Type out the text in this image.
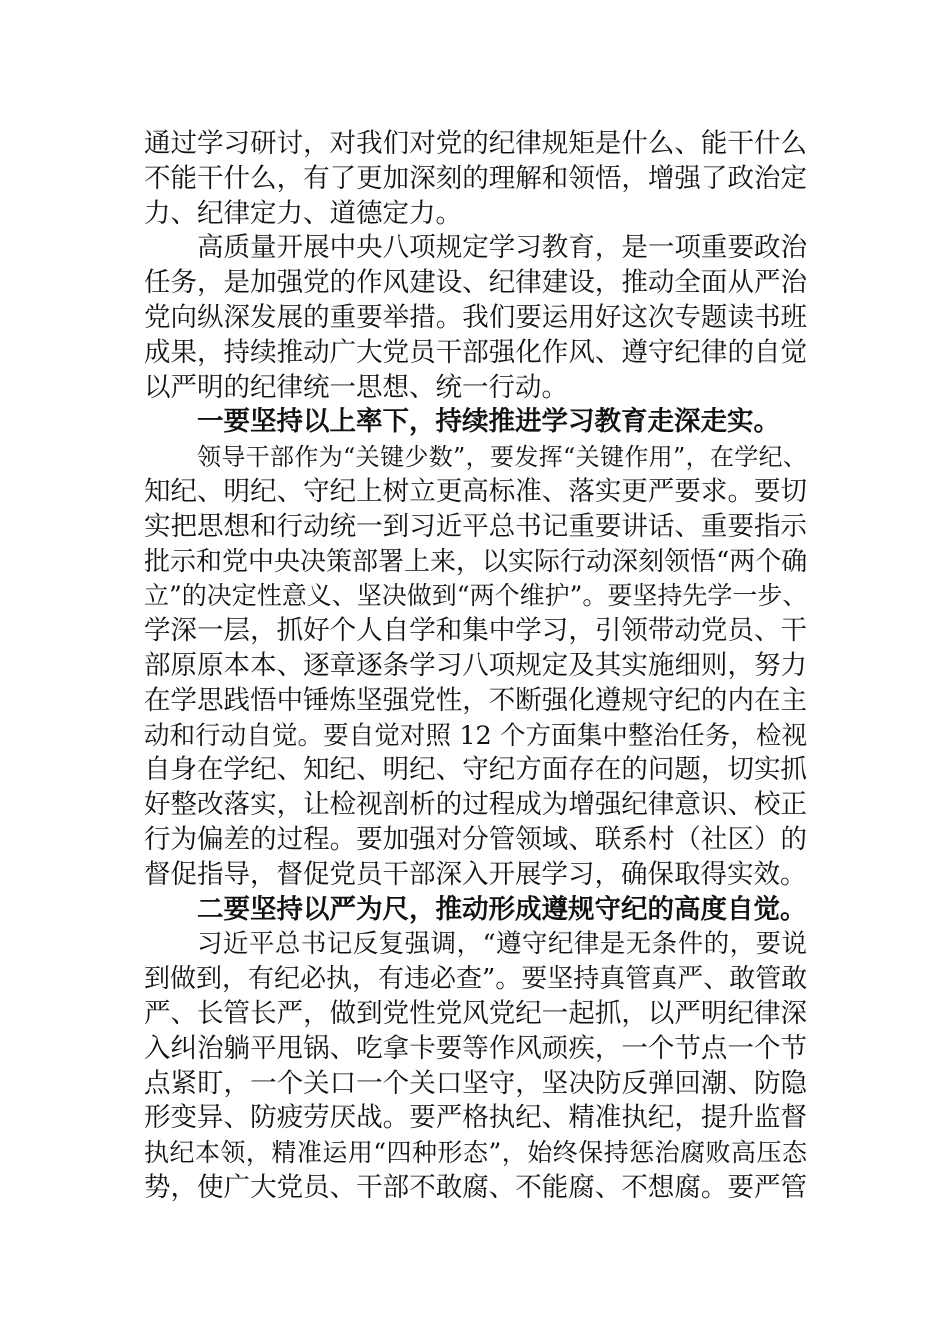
通过学习研讨，对我们对党的纪律规矩是什么、能干什么
不能干什么，有了更加深刻的理解和领悟，增强了政治定
力、纪律定力、道德定力。
高质量开展中央八项规定学习教育，是一项重要政治
任务，是加强党的作风建设、纪律建设，推动全面从严治
党向纵深发展的重要举措。我们要运用好这次专题读书班
成果，持续推动广大党员干部强化作风、遵守纪律的自觉
以严明的纪律统一思想、统一行动。
一要坚持以上率下，持续推进学习教育走深走实。
领导干部作为“关键少数”，要发挥“关键作用”，在学纪、
知纪、明纪、守纪上树立更高标准、落实更严要求。要切
实把思想和行动统一到习近平总书记重要讲话、重要指示
批示和党中央决策部署上来，以实际行动深刻领悟“两个确
立”的决定性意义、坚决做到“两个维护”。要坚持先学一步、
学深一层，抓好个人自学和集中学习，引领带动党员、干
部原原本本、逐章逐条学习八项规定及其实施细则，努力
在学思践悟中锤炼坚强党性，不断强化遵规守纪的内在主
动和行动自觉。要自觉对照 12 个方面集中整治任务，检视
自身在学纪、知纪、明纪、守纪方面存在的问题，切实抓
好整改落实，让检视剖析的过程成为增强纪律意识、校正
行为偏差的过程。要加强对分管领域、联系村（社区）的
督促指导，督促党员干部深入开展学习，确保取得实效。
二要坚持以严为尺，推动形成遵规守纪的高度自觉。
习近平总书记反复强调，“遵守纪律是无条件的，要说
到做到，有纪必执，有违必查”。要坚持真管真严、敢管敢
严、长管长严，做到党性党风党纪一起抓，以严明纪律深
入纠治躺平甩锅、吃拿卡要等作风顽疾，一个节点一个节
点紧盯，一个关口一个关口坚守，坚决防反弹回潮、防隐
形变异、防疲劳厌战。要严格执纪、精准执纪，提升监督
执纪本领，精准运用“四种形态”，始终保持惩治腐败高压态
势，使广大党员、干部不敢腐、不能腐、不想腐。要严管
